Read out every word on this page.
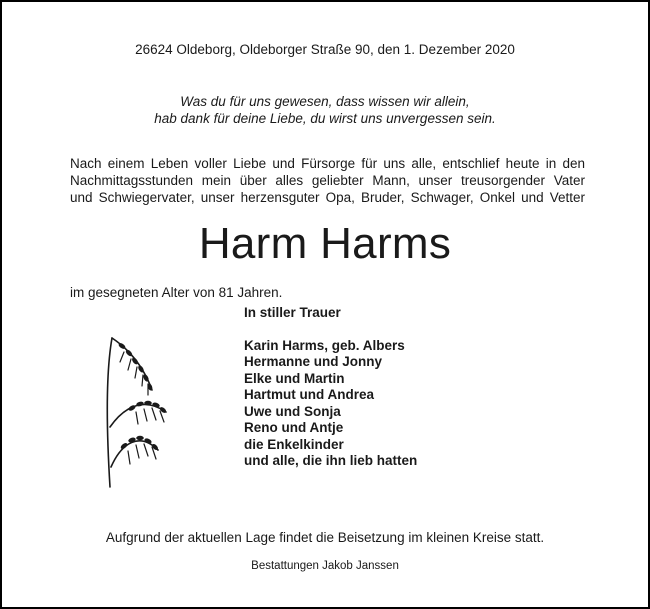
26624 Oldeborg, Oldeborger Straße 90, den 1. Dezember 2020
Was du für uns gewesen, dass wissen wir allein,
hab dank für deine Liebe, du wirst uns unvergessen sein.
Nach einem Leben voller Liebe und Fürsorge für uns alle, entschlief heute in den
Nachmittagsstunden mein über alles geliebter Mann, unser treusorgender Vater
und Schwiegervater, unser herzensguter Opa, Bruder, Schwager, Onkel und Vetter
Harm Harms
im gesegneten Alter von 81 Jahren.
In stiller Trauer
Karin Harms, geb. Albers
Hermanne und Jonny
Elke und Martin
Hartmut und Andrea
Uwe und Sonja
Reno und Antje
die Enkelkinder
und alle, die ihn lieb hatten
Aufgrund der aktuellen Lage findet die Beisetzung im kleinen Kreise statt.
Bestattungen Jakob Janssen
